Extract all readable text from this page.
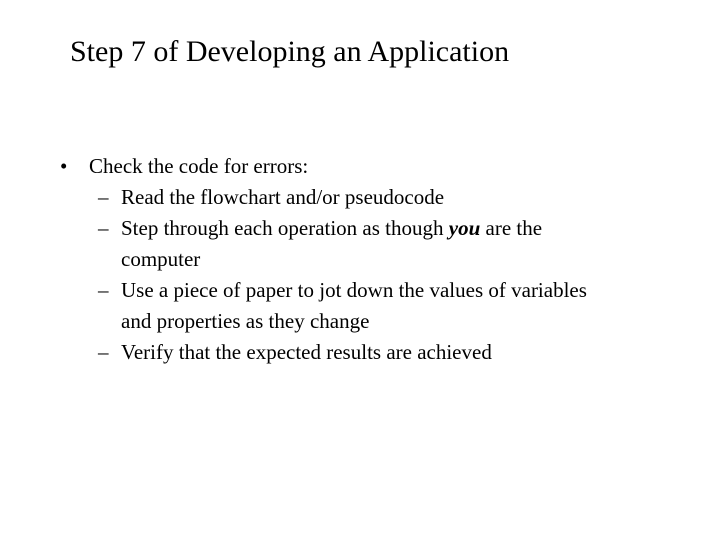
Step 7 of Developing an Application
• Check the code for errors:
– Read the flowchart and/or pseudocode
– Step through each operation as though you are the
computer
– Use a piece of paper to jot down the values of variables
and properties as they change
– Verify that the expected results are achieved
